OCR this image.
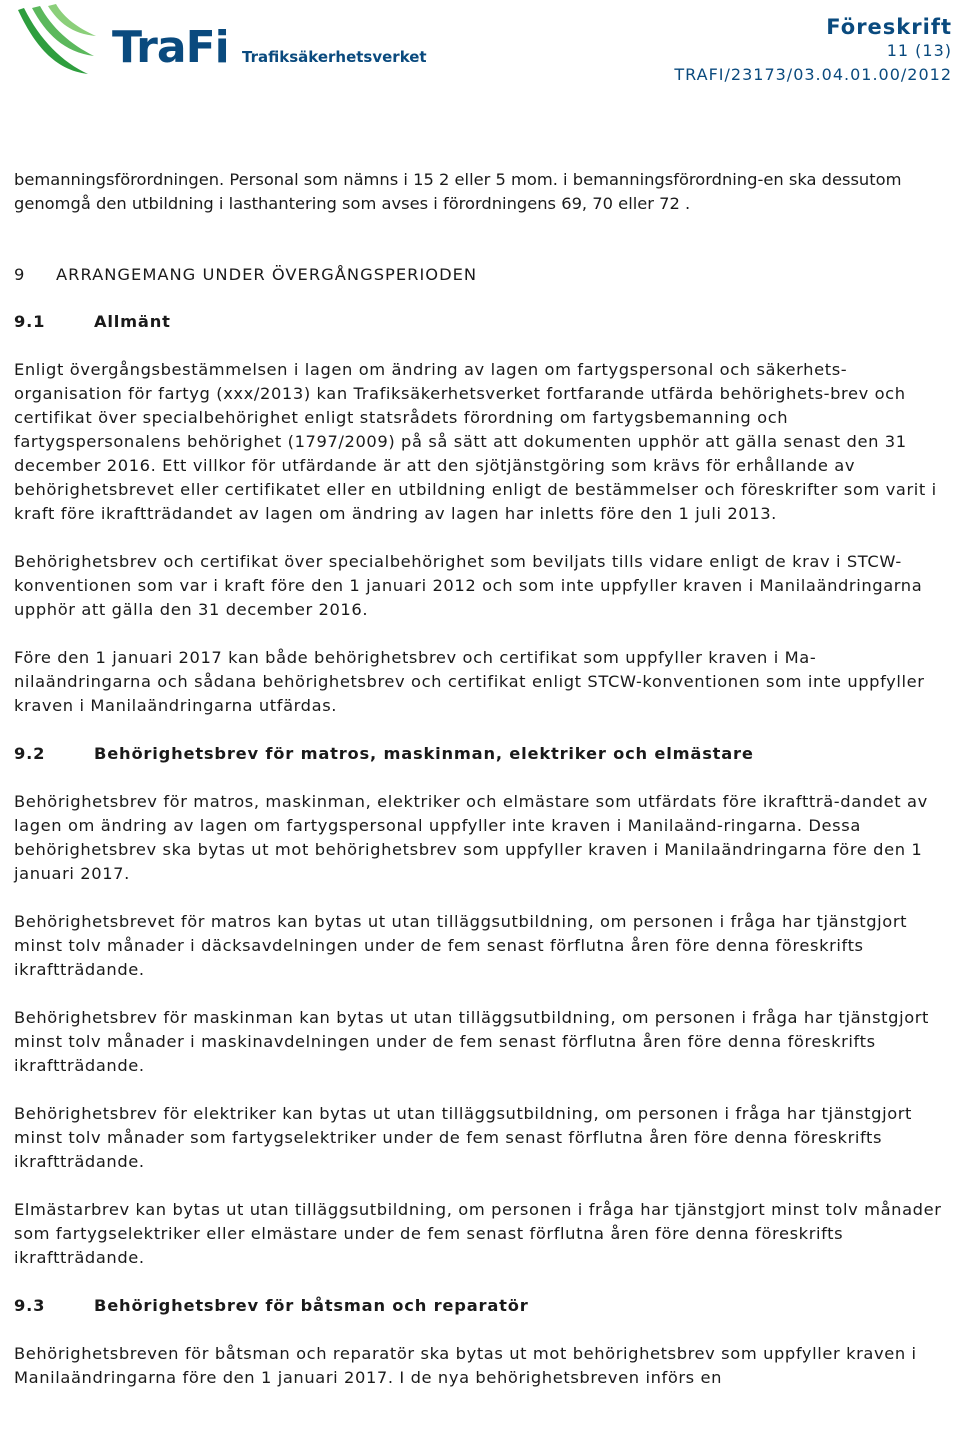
TraFi Trafiksäkerhetsverket
Föreskrift
11 (13)
TRAFI/23173/03.04.01.00/2012

bemanningsförordningen. Personal som nämns i 15 2 eller 5 mom. i bemanningsförordning-en ska dessutom genomgå den utbildning i lasthantering som avses i förordningens 69, 70 eller 72 .

9 ARRANGEMANG UNDER ÖVERGÅNGSPERIODEN
9.1	Allmänt

Enligt övergångsbestämmelsen i lagen om ändring av lagen om fartygspersonal och säkerhets-organisation för fartyg (xxx/2013) kan Trafiksäkerhetsverket fortfarande utfärda behörighets-brev och certifikat över specialbehörighet enligt statsrådets förordning om fartygsbemanning och fartygspersonalens behörighet (1797/2009) på så sätt att dokumenten upphör att gälla senast den 31 december 2016. Ett villkor för utfärdande är att den sjötjänstgöring som krävs för erhållande av behörighetsbrevet eller certifikatet eller en utbildning enligt de bestämmelser och föreskrifter som varit i kraft före ikraftträdandet av lagen om ändring av lagen har inletts före den 1 juli 2013.

Behörighetsbrev och certifikat över specialbehörighet som beviljats tills vidare enligt de krav i STCW-konventionen som var i kraft före den 1 januari 2012 och som inte uppfyller kraven i Manilaändringarna upphör att gälla den 31 december 2016.

Före den 1 januari 2017 kan både behörighetsbrev och certifikat som uppfyller kraven i Ma-nilaändringarna och sådana behörighetsbrev och certifikat enligt STCW-konventionen som inte uppfyller kraven i Manilaändringarna utfärdas.

9.2	Behörighetsbrev för matros, maskinman, elektriker och elmästare

Behörighetsbrev för matros, maskinman, elektriker och elmästare som utfärdats före ikraftträ-dandet av lagen om ändring av lagen om fartygspersonal uppfyller inte kraven i Manilaänd-ringarna. Dessa behörighetsbrev ska bytas ut mot behörighetsbrev som uppfyller kraven i Manilaändringarna före den 1 januari 2017.

Behörighetsbrevet för matros kan bytas ut utan tilläggsutbildning, om personen i fråga har tjänstgjort minst tolv månader i däcksavdelningen under de fem senast förflutna åren före denna föreskrifts ikraftträdande.

Behörighetsbrev för maskinman kan bytas ut utan tilläggsutbildning, om personen i fråga har tjänstgjort minst tolv månader i maskinavdelningen under de fem senast förflutna åren före denna föreskrifts ikraftträdande.

Behörighetsbrev för elektriker kan bytas ut utan tilläggsutbildning, om personen i fråga har tjänstgjort minst tolv månader som fartygselektriker under de fem senast förflutna åren före denna föreskrifts ikraftträdande.

Elmästarbrev kan bytas ut utan tilläggsutbildning, om personen i fråga har tjänstgjort minst tolv månader som fartygselektriker eller elmästare under de fem senast förflutna åren före denna föreskrifts ikraftträdande.

9.3	Behörighetsbrev för båtsman och reparatör

Behörighetsbreven för båtsman och reparatör ska bytas ut mot behörighetsbrev som uppfyller kraven i Manilaändringarna före den 1 januari 2017. I de nya behörighetsbreven införs en
